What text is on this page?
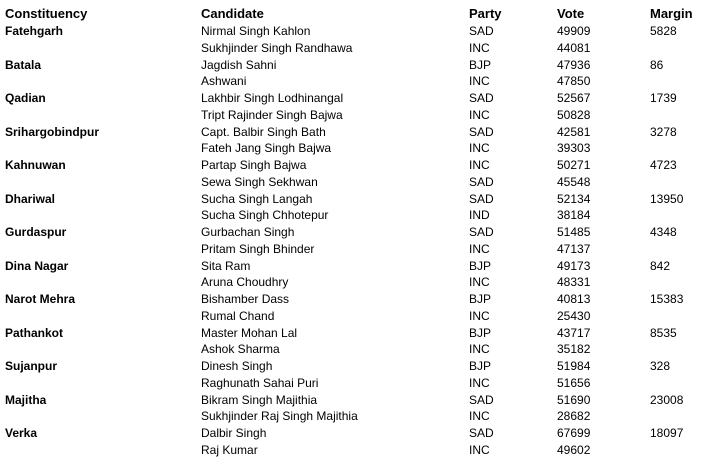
Constituency	Candidate	Party	Vote	Margin
Fatehgarh	Nirmal Singh Kahlon	SAD	49909	5828
	Sukhjinder Singh Randhawa	INC	44081	
Batala	Jagdish Sahni	BJP	47936	86
	Ashwani	INC	47850	
Qadian	Lakhbir Singh Lodhinangal	SAD	52567	1739
	Tript Rajinder Singh Bajwa	INC	50828	
Srihargobindpur	Capt. Balbir Singh Bath	SAD	42581	3278
	Fateh Jang Singh Bajwa	INC	39303	
Kahnuwan	Partap Singh Bajwa	INC	50271	4723
	Sewa Singh Sekhwan	SAD	45548	
Dhariwal	Sucha Singh Langah	SAD	52134	13950
	Sucha Singh Chhotepur	IND	38184	
Gurdaspur	Gurbachan Singh	SAD	51485	4348
	Pritam Singh Bhinder	INC	47137	
Dina Nagar	Sita Ram	BJP	49173	842
	Aruna Choudhry	INC	48331	
Narot Mehra	Bishamber Dass	BJP	40813	15383
	Rumal Chand	INC	25430	
Pathankot	Master Mohan Lal	BJP	43717	8535
	Ashok Sharma	INC	35182	
Sujanpur	Dinesh Singh	BJP	51984	328
	Raghunath Sahai Puri	INC	51656	
Majitha	Bikram Singh Majithia	SAD	51690	23008
	Sukhjinder Raj Singh Majithia	INC	28682	
Verka	Dalbir Singh	SAD	67699	18097
	Raj Kumar	INC	49602	
